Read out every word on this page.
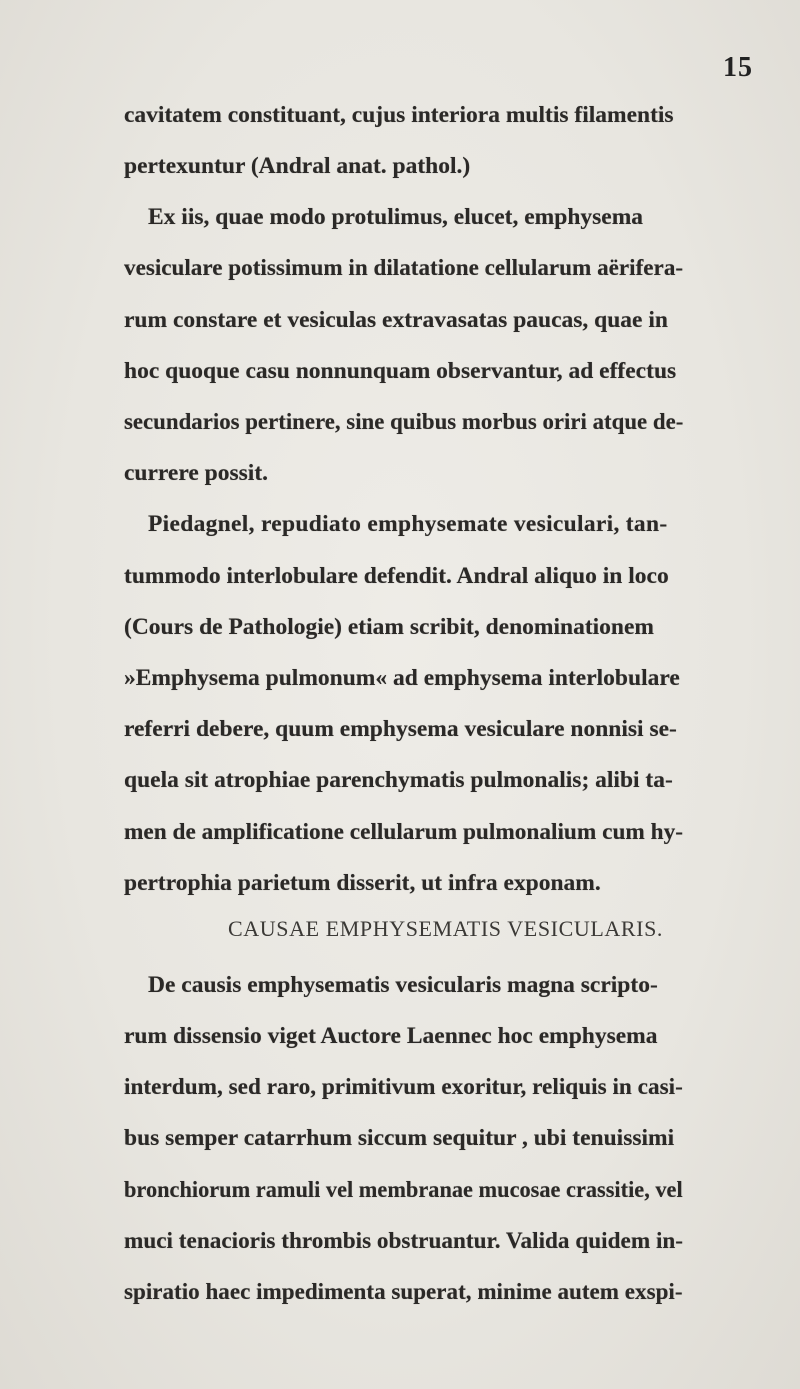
15
cavitatem constituant, cujus interiora multis filamentis
pertexuntur (Andral anat. pathol.)
Ex iis, quae modo protulimus, elucet, emphysema
vesiculare potissimum in dilatatione cellularum aërifera-
rum constare et vesiculas extravasatas paucas, quae in
hoc quoque casu nonnunquam observantur, ad effectus
secundarios pertinere, sine quibus morbus oriri atque de-
currere possit.
Piedagnel, repudiato emphysemate vesiculari, tan-
tummodo interlobulare defendit. Andral aliquo in loco
(Cours de Pathologie) etiam scribit, denominationem
»Emphysema pulmonum« ad emphysema interlobulare
referri debere, quum emphysema vesiculare nonnisi se-
quela sit atrophiae parenchymatis pulmonalis; alibi ta-
men de amplificatione cellularum pulmonalium cum hy-
pertrophia parietum disserit, ut infra exponam.
CAUSAE EMPHYSEMATIS VESICULARIS.
De causis emphysematis vesicularis magna scripto-
rum dissensio viget Auctore Laennec hoc emphysema
interdum, sed raro, primitivum exoritur, reliquis in casi-
bus semper catarrhum siccum sequitur , ubi tenuissimi
bronchiorum ramuli vel membranae mucosae crassitie, vel
muci tenacioris thrombis obstruantur. Valida quidem in-
spiratio haec impedimenta superat, minime autem exspi-
